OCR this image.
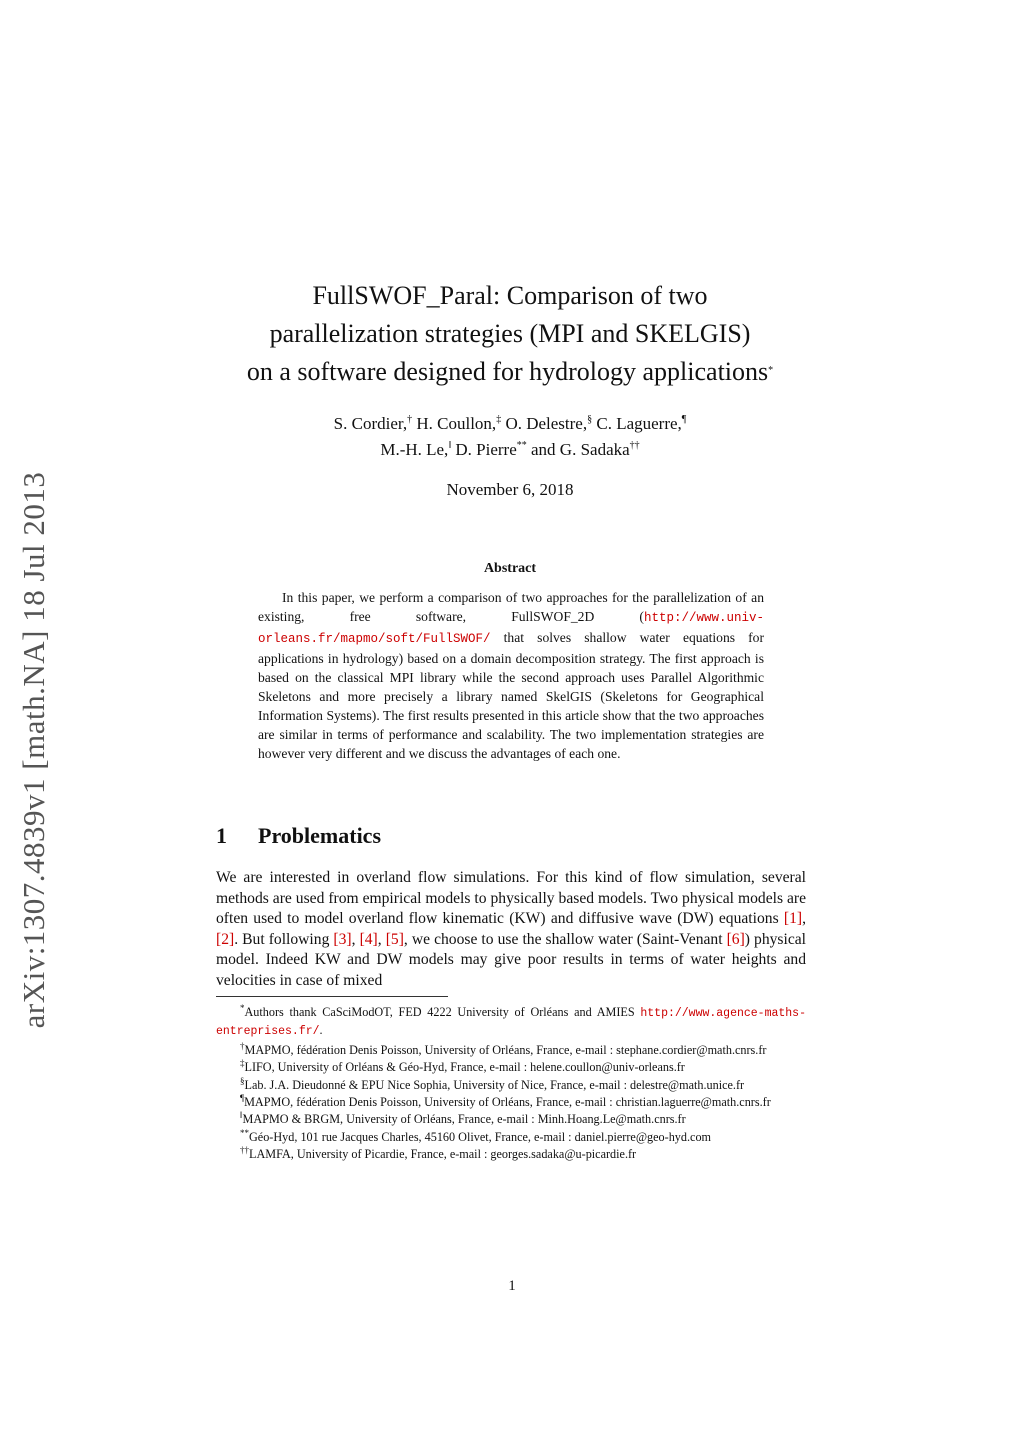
arXiv:1307.4839v1 [math.NA] 18 Jul 2013
FullSWOF_Paral: Comparison of two
parallelization strategies (MPI and SKELGIS)
on a software designed for hydrology applications*
S. Cordier,† H. Coullon,‡ O. Delestre,§ C. Laguerre,¶
M.-H. Le,‖ D. Pierre** and G. Sadaka††
November 6, 2018
Abstract
In this paper, we perform a comparison of two approaches for the parallelization of an existing, free software, FullSWOF_2D (http://www.univ-orleans.fr/mapmo/soft/FullSWOF/ that solves shallow water equations for applications in hydrology) based on a domain decomposition strategy. The first approach is based on the classical MPI library while the second approach uses Parallel Algorithmic Skeletons and more precisely a library named SkelGIS (Skeletons for Geographical Information Systems). The first results presented in this article show that the two approaches are similar in terms of performance and scalability. The two implementation strategies are however very different and we discuss the advantages of each one.
1 Problematics
We are interested in overland flow simulations. For this kind of flow simulation, several methods are used from empirical models to physically based models. Two physical models are often used to model overland flow kinematic (KW) and diffusive wave (DW) equations [1], [2]. But following [3], [4], [5], we choose to use the shallow water (Saint-Venant [6]) physical model. Indeed KW and DW models may give poor results in terms of water heights and velocities in case of mixed
*Authors thank CaSciModOT, FED 4222 University of Orléans and AMIES http://www.agence-maths-entreprises.fr/.
†MAPMO, fédération Denis Poisson, University of Orléans, France, e-mail : stephane.cordier@math.cnrs.fr
‡LIFO, University of Orléans & Géo-Hyd, France, e-mail : helene.coullon@univ-orleans.fr
§Lab. J.A. Dieudonné & EPU Nice Sophia, University of Nice, France, e-mail : delestre@math.unice.fr
¶MAPMO, fédération Denis Poisson, University of Orléans, France, e-mail : christian.laguerre@math.cnrs.fr
‖MAPMO & BRGM, University of Orléans, France, e-mail : Minh.Hoang.Le@math.cnrs.fr
**Géo-Hyd, 101 rue Jacques Charles, 45160 Olivet, France, e-mail : daniel.pierre@geo-hyd.com
††LAMFA, University of Picardie, France, e-mail : georges.sadaka@u-picardie.fr
1
